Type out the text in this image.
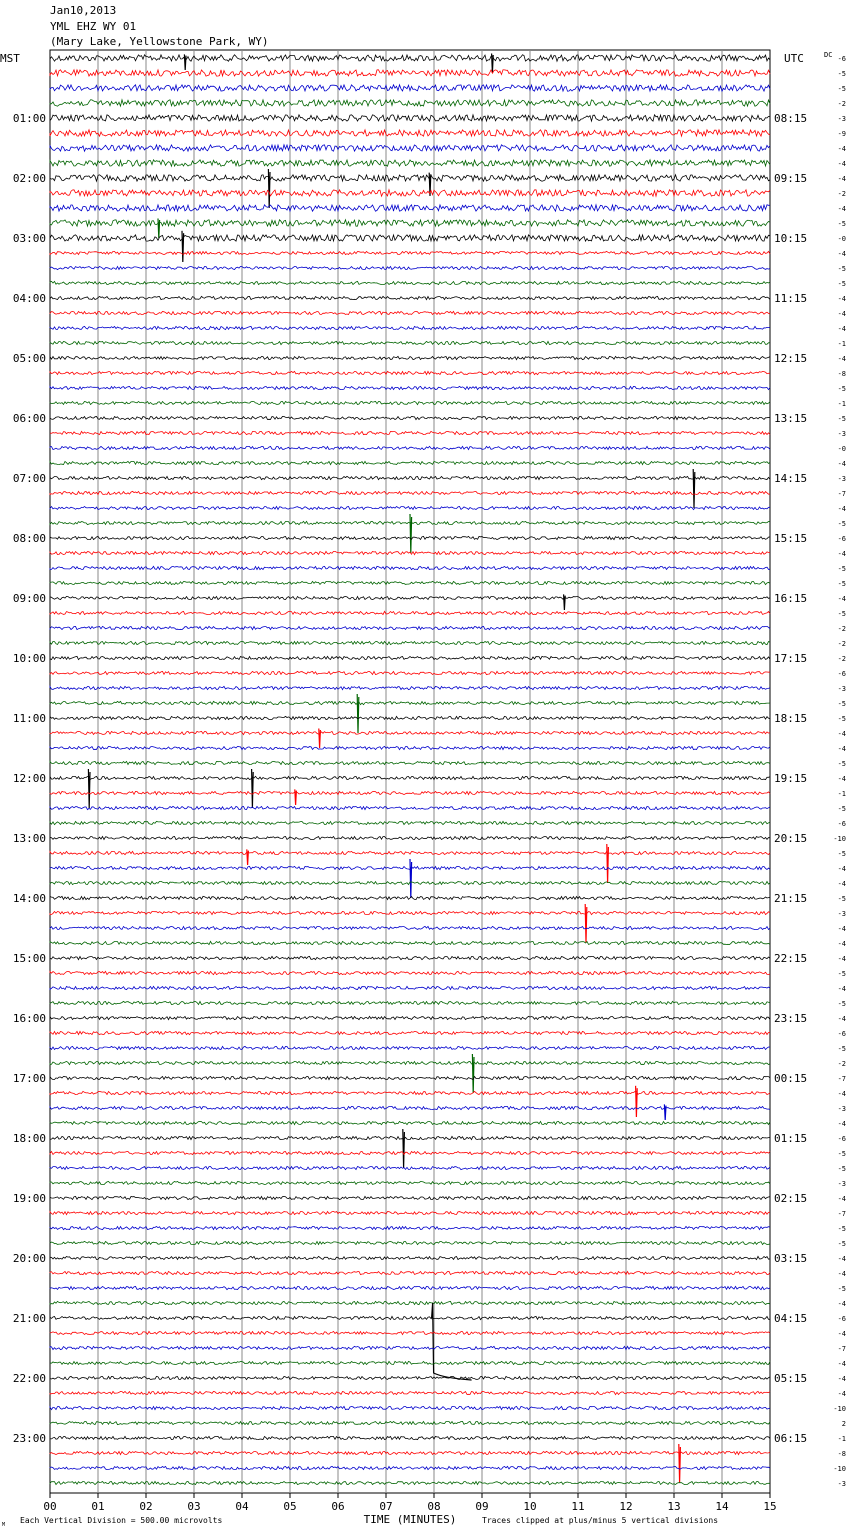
Jan10,2013
YML EHZ WY 01
(Mary Lake, Yellowstone Park, WY)
01:00
02:00
03:00
04:00
05:00
06:00
07:00
08:00
09:00
10:00
11:00
12:00
13:00
14:00
15:00
16:00
17:00
18:00
19:00
20:00
21:00
22:00
23:00
08:15
09:15
10:15
11:15
12:15
13:15
14:15
15:15
16:15
17:15
18:15
19:15
20:15
21:15
22:15
23:15
00:15
01:15
02:15
03:15
04:15
05:15
06:15
-6
-5
-5
-2
-3
-9
-4
-4
-4
-2
-4
-5
-0
-4
-5
-5
-4
-4
-4
-1
-4
-8
-5
-1
-5
-3
-0
-4
-3
-7
-4
-5
-6
-4
-5
-5
-4
-5
-2
-2
-2
-6
-3
-5
-5
-4
-4
-5
-4
-1
-5
-6
-10
-5
-4
-4
-5
-3
-4
-4
-4
-5
-4
-5
-4
-6
-5
-2
-7
-4
-3
-4
-6
-5
-5
-3
-4
-7
-5
-5
-4
-4
-5
-4
-6
-4
-7
-4
-4
-4
-10
2
-1
-8
-10
-3
00	01	02	03	04	05	06	07	08	09	10	11	12	13	14	15
MST	UTC	DC
TIME (MINUTES)
Each Vertical Division = 500.00 microvolts	Traces clipped at plus/minus 5 vertical divisions
M
